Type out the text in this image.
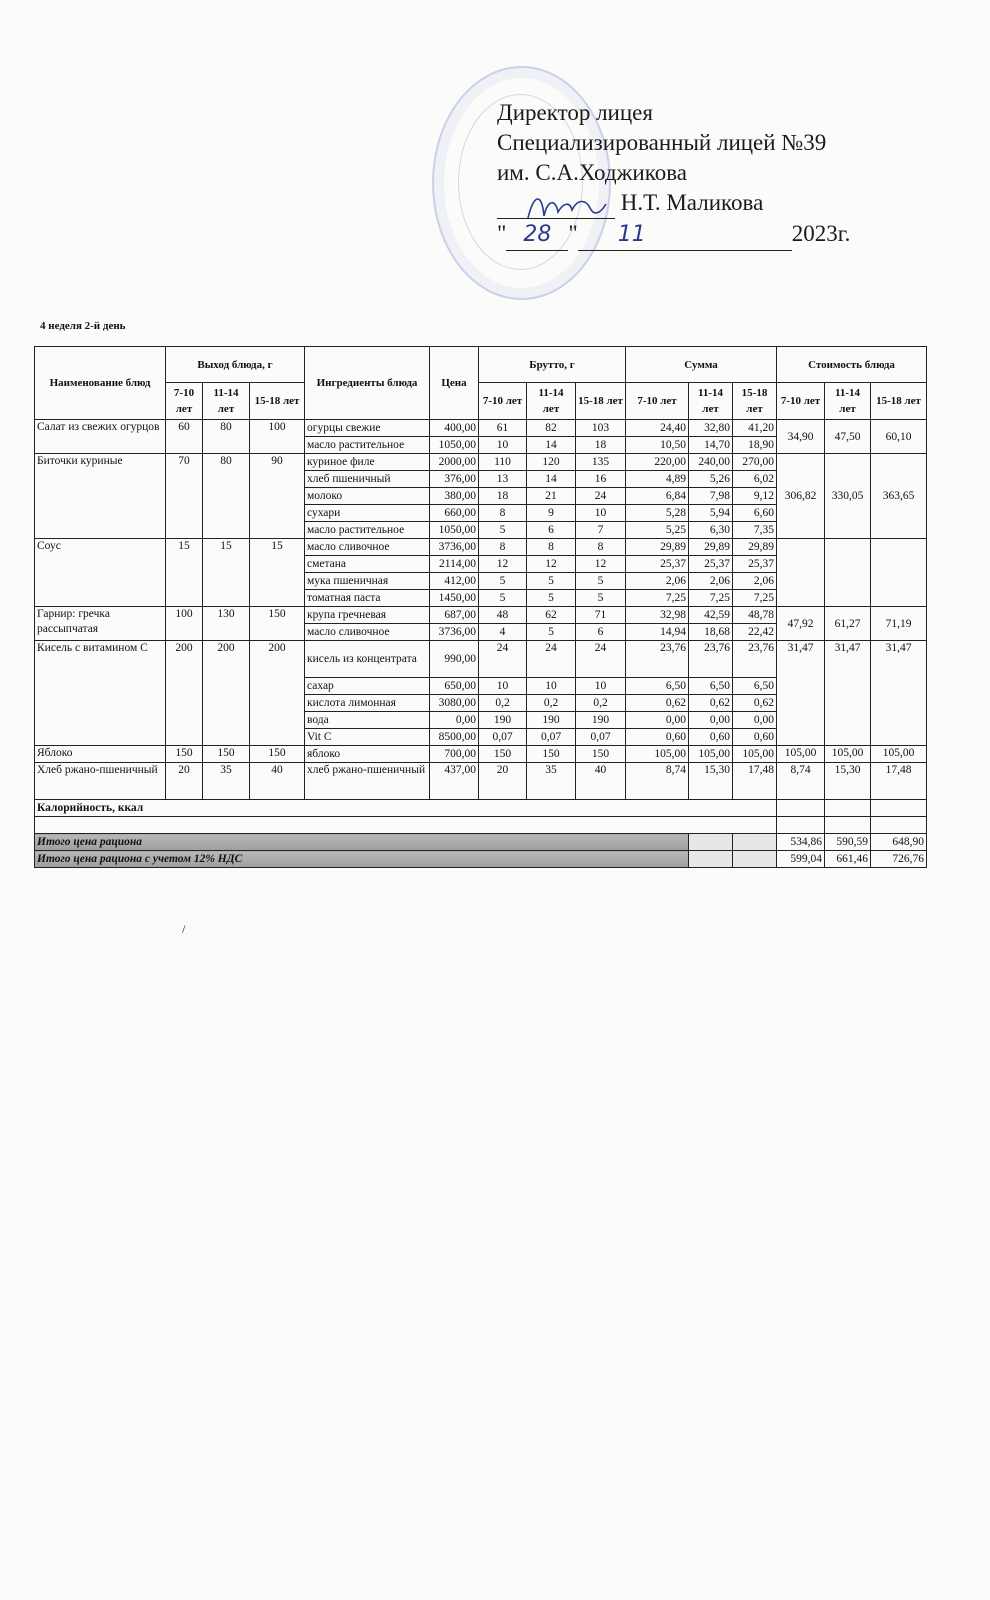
Директор лицея
Специализированный лицей №39
им. С.А.Ходжикова
Н.Т. Маликова
" 28 " 11	2023г.
4 неделя 2-й день
Наименование блюд	Выход блюда, г			Ингредиенты блюда	Цена	Брутто, г			Сумма			Стоимость блюда		
	7-10 лет	11-14 лет	15-18 лет			7-10 лет	11-14 лет	15-18 лет	7-10 лет	11-14 лет	15-18 лет	7-10 лет	11-14 лет	15-18 лет
Салат из свежих огурцов	60	80	100	огурцы свежие	400,00	61	82	103	24,40	32,80	41,20	34,90	47,50	60,10
				масло растительное	1050,00	10	14	18	10,50	14,70	18,90			
Биточки куриные	70	80	90	куриное филе	2000,00	110	120	135	220,00	240,00	270,00	306,82	330,05	363,65
				хлеб пшеничный	376,00	13	14	16	4,89	5,26	6,02			
				молоко	380,00	18	21	24	6,84	7,98	9,12			
				сухари	660,00	8	9	10	5,28	5,94	6,60			
				масло растительное	1050,00	5	6	7	5,25	6,30	7,35			
Соус	15	15	15	масло сливочное	3736,00	8	8	8	29,89	29,89	29,89			
				сметана	2114,00	12	12	12	25,37	25,37	25,37			
				мука пшеничная	412,00	5	5	5	2,06	2,06	2,06			
				томатная паста	1450,00	5	5	5	7,25	7,25	7,25			
Гарнир: гречка рассыпчатая	100	130	150	крупа гречневая	687,00	48	62	71	32,98	42,59	48,78	47,92	61,27	71,19
				масло сливочное	3736,00	4	5	6	14,94	18,68	22,42			
Кисель с витамином С	200	200	200	кисель из концентрата	990,00	24	24	24	23,76	23,76	23,76	31,47	31,47	31,47
				сахар	650,00	10	10	10	6,50	6,50	6,50			
				кислота лимонная	3080,00	0,2	0,2	0,2	0,62	0,62	0,62			
				вода	0,00	190	190	190	0,00	0,00	0,00			
				Vit C	8500,00	0,07	0,07	0,07	0,60	0,60	0,60			
Яблоко	150	150	150	яблоко	700,00	150	150	150	105,00	105,00	105,00	105,00	105,00	105,00
Хлеб ржано-пшеничный	20	35	40	хлеб ржано-пшеничный	437,00	20	35	40	8,74	15,30	17,48	8,74	15,30	17,48
Калорийность, ккал														

Итого цена рациона												534,86	590,59	648,90
Итого цена рациона с учетом 12% НДС												599,04	661,46	726,76
/
